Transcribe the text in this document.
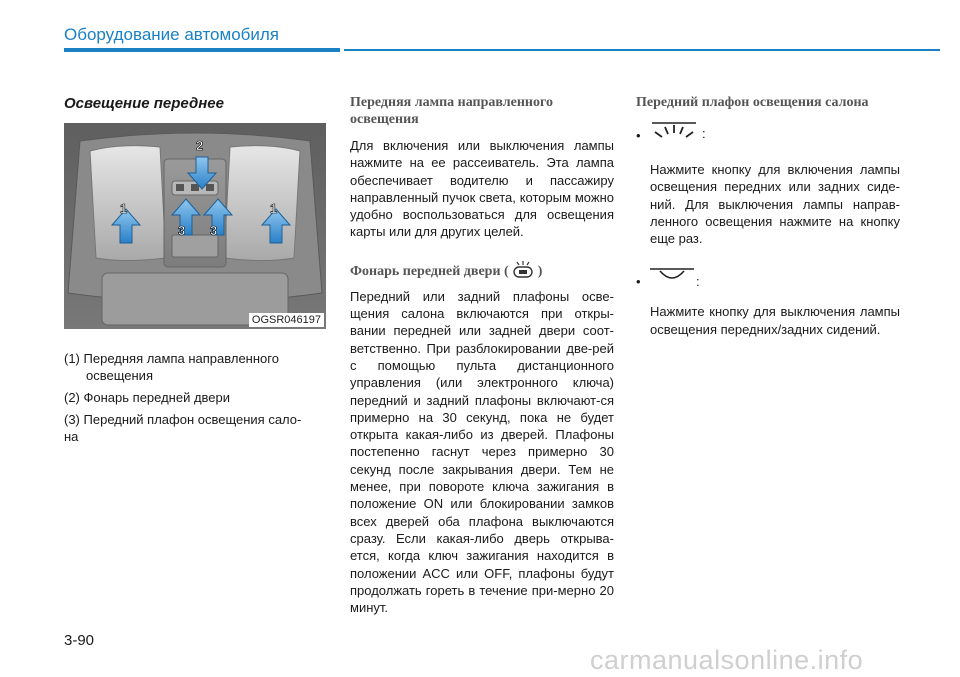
Оборудование автомобиля
Освещение переднее
1
2
3 3
1
OGSR046197
(1) Передняя лампа направленного
освещения
(2) Фонарь передней двери
(3) Передний плафон освещения сало-
на
Передняя лампа направленного
освещения

Для включения или выключения лампы нажмите на ее рассеиватель. Эта лампа обеспечивает водителю и пассажиру направленный пучок света, которым можно удобно воспользоваться для освещения карты или для других целей.

Фонарь передней двери ( )

Передний или задний плафоны осве-щения салона включаются при откры-вании передней или задней двери соот-ветственно. При разблокировании две-рей с помощью пульта дистанционного управления (или электронного ключа) передний и задний плафоны включают-ся примерно на 30 секунд, пока не будет открыта какая-либо из дверей. Плафоны постепенно гаснут через примерно 30 секунд после закрывания двери. Тем не менее, при повороте ключа зажигания в положение ON или блокировании замков всех дверей оба плафона выключаются сразу. Если какая-либо дверь открыва-ется, когда ключ зажигания находится в положении ACC или OFF, плафоны будут продолжать гореть в течение при-мерно 20 минут.

Передний плафон освещения салона
•	:

Нажмите кнопку для включения лампы освещения передних или задних сиде-ний. Для выключения лампы направ-ленного освещения нажмите на кнопку еще раз.

•	:

Нажмите кнопку для выключения лампы освещения передних/задних сидений.

3-90
carmanualsonline.info
